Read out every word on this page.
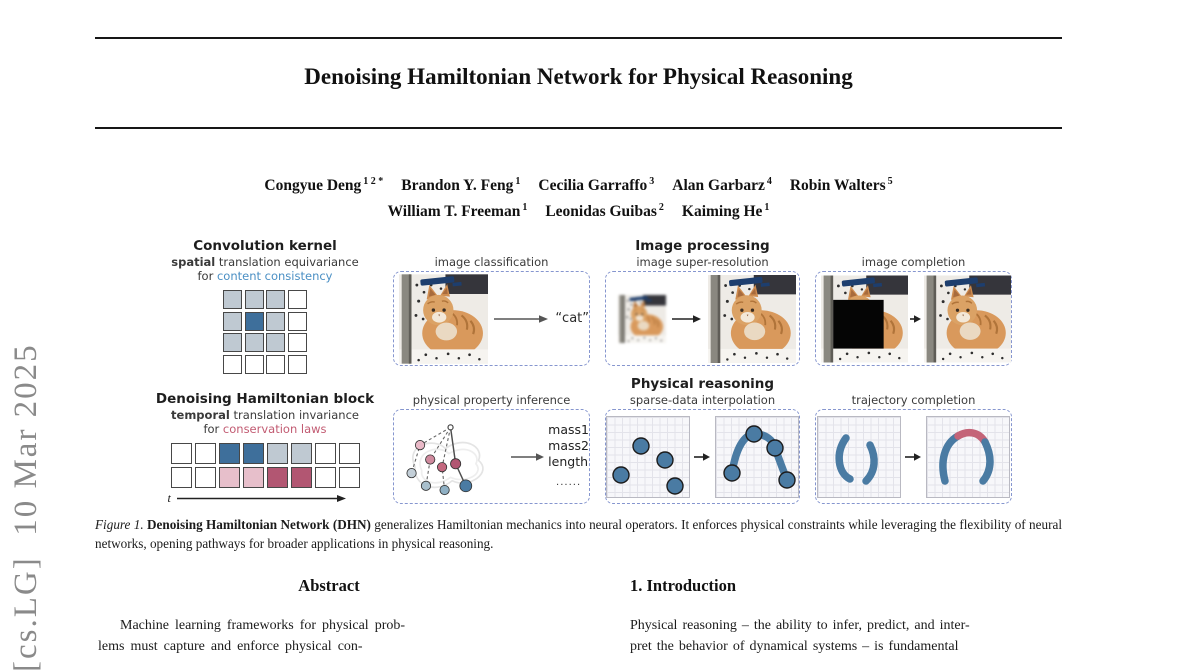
[cs.LG]  10 Mar 2025
Denoising Hamiltonian Network for Physical Reasoning
Congyue Deng $^{1 2 *}$ Brandon Y. Feng $^1$ Cecilia Garraffo $^3$ Alan Garbarz $^4$ Robin Walters $^5$
William T. Freeman $^1$ Leonidas Guibas $^2$ Kaiming He $^1$
Convolution kernel
spatial translation equivariance
for content consistency
Denoising Hamiltonian block
temporal translation invariance
for conservation laws
t
image classification
“cat”
Image processing
image super-resolution	image completion
physical property inference
mass1
mass2
length
......
Physical reasoning
sparse-data interpolation	trajectory completion
Figure 1. Denoising Hamiltonian Network (DHN) generalizes Hamiltonian mechanics into neural operators. It enforces physical constraints while leveraging the flexibility of neural networks, opening pathways for broader applications in physical reasoning.
Abstract
Machine learning frameworks for physical prob-
lems must capture and enforce physical con-
1. Introduction
Physical reasoning – the ability to infer, predict, and inter-
pret the behavior of dynamical systems – is fundamental
